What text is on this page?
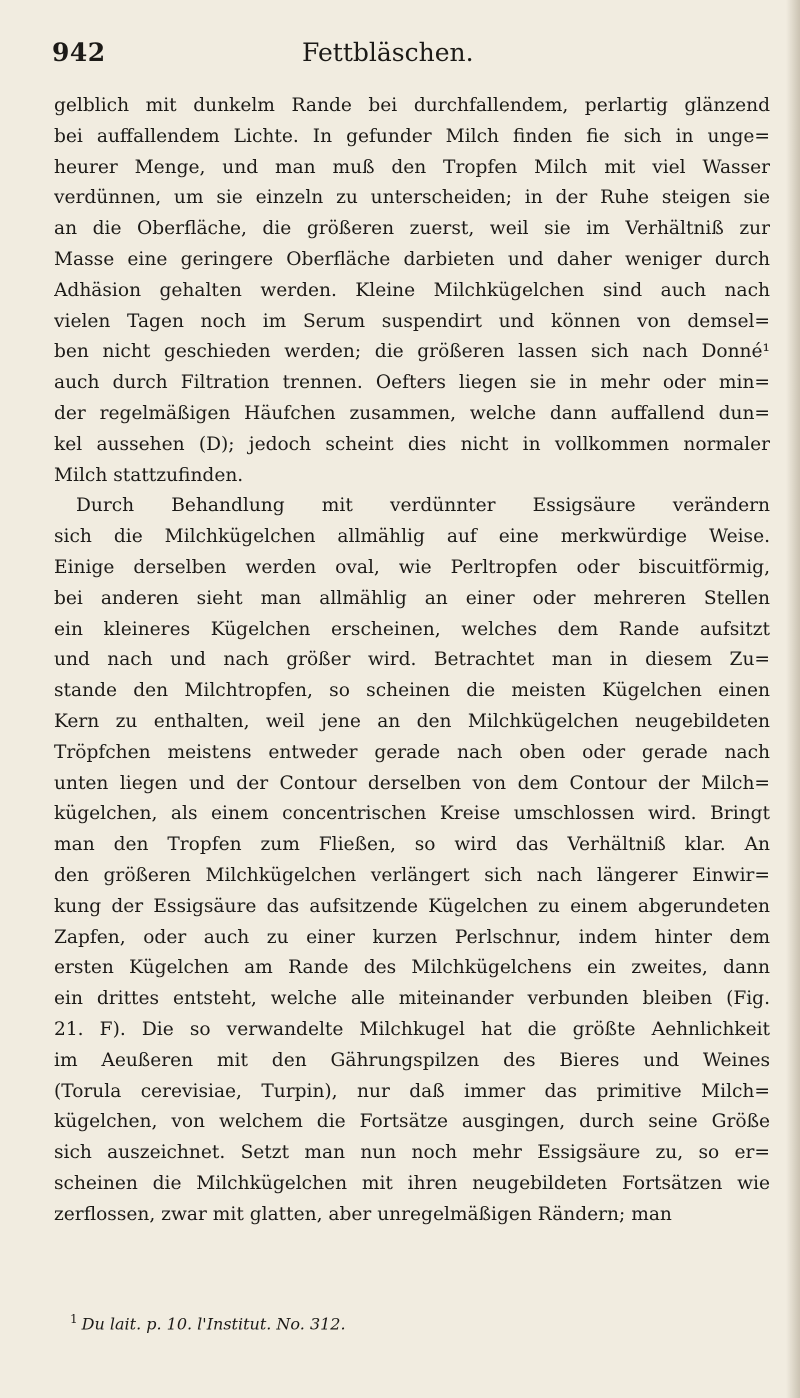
942	Fettbläschen.
gelblich mit dunkelm Rande bei durchfallendem, perlartig glänzend
bei auffallendem Lichte. In gefunder Milch finden fie sich in unge=
heurer Menge, und man muß den Tropfen Milch mit viel Wasser
verdünnen, um sie einzeln zu unterscheiden; in der Ruhe steigen sie
an die Oberfläche, die größeren zuerst, weil sie im Verhältniß zur
Masse eine geringere Oberfläche darbieten und daher weniger durch
Adhäsion gehalten werden. Kleine Milchkügelchen sind auch nach
vielen Tagen noch im Serum suspendirt und können von demsel=
ben nicht geschieden werden; die größeren lassen sich nach Donné¹
auch durch Filtration trennen. Oefters liegen sie in mehr oder min=
der regelmäßigen Häufchen zusammen, welche dann auffallend dun=
kel aussehen (D); jedoch scheint dies nicht in vollkommen normaler
Milch stattzufinden.
Durch Behandlung mit verdünnter Essigsäure verändern
sich die Milchkügelchen allmählig auf eine merkwürdige Weise.
Einige derselben werden oval, wie Perltropfen oder biscuitförmig,
bei anderen sieht man allmählig an einer oder mehreren Stellen
ein kleineres Kügelchen erscheinen, welches dem Rande aufsitzt
und nach und nach größer wird. Betrachtet man in diesem Zu=
stande den Milchtropfen, so scheinen die meisten Kügelchen einen
Kern zu enthalten, weil jene an den Milchkügelchen neugebildeten
Tröpfchen meistens entweder gerade nach oben oder gerade nach
unten liegen und der Contour derselben von dem Contour der Milch=
kügelchen, als einem concentrischen Kreise umschlossen wird. Bringt
man den Tropfen zum Fließen, so wird das Verhältniß klar. An
den größeren Milchkügelchen verlängert sich nach längerer Einwir=
kung der Essigsäure das aufsitzende Kügelchen zu einem abgerundeten
Zapfen, oder auch zu einer kurzen Perlschnur, indem hinter dem
ersten Kügelchen am Rande des Milchkügelchens ein zweites, dann
ein drittes entsteht, welche alle miteinander verbunden bleiben (Fig.
21. F). Die so verwandelte Milchkugel hat die größte Aehnlichkeit
im Aeußeren mit den Gährungspilzen des Bieres und Weines
(Torula cerevisiae, Turpin), nur daß immer das primitive Milch=
kügelchen, von welchem die Fortsätze ausgingen, durch seine Größe
sich auszeichnet. Setzt man nun noch mehr Essigsäure zu, so er=
scheinen die Milchkügelchen mit ihren neugebildeten Fortsätzen wie
zerflossen, zwar mit glatten, aber unregelmäßigen Rändern; man
$^1$ Du lait. p. 10. l'Institut. No. 312.
